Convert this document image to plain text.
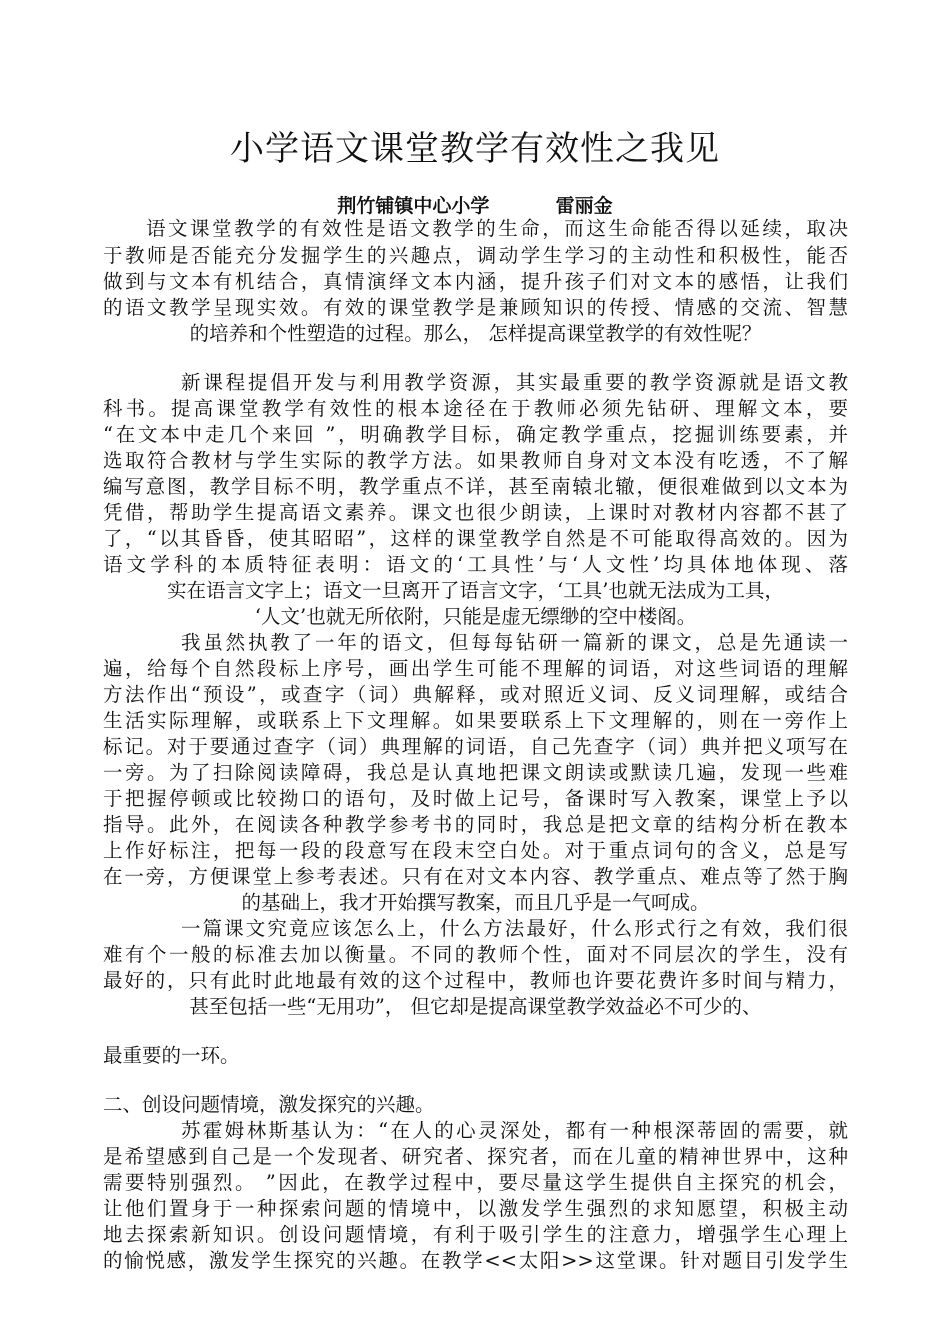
小学语文课堂教学有效性之我见
荆竹铺镇中心小学          雷丽金
语文课堂教学的有效性是语文教学的生命，而这生命能否得以延续，取决
于教师是否能充分发掘学生的兴趣点，调动学生学习的主动性和积极性，能否
做到与文本有机结合，真情演绎文本内涵，提升孩子们对文本的感悟，让我们
的语文教学呈现实效。有效的课堂教学是兼顾知识的传授、情感的交流、智慧
的培养和个性塑造的过程。那么， 怎样提高课堂教学的有效性呢？
新课程提倡开发与利用教学资源，其实最重要的教学资源就是语文教
科书。提高课堂教学有效性的根本途径在于教师必须先钻研、理解文本，要
“在文本中走几个来回 ”，明确教学目标，确定教学重点，挖掘训练要素，并
选取符合教材与学生实际的教学方法。如果教师自身对文本没有吃透，不了解
编写意图，教学目标不明，教学重点不详，甚至南辕北辙，便很难做到以文本为
凭借，帮助学生提高语文素养。课文也很少朗读，上课时对教材内容都不甚了
了，“以其昏昏，使其昭昭”，这样的课堂教学自然是不可能取得高效的。因为
语文学科的本质特征表明：语文的‘工具性’与‘人文性’均具体地体现、落
实在语言文字上；语文一旦离开了语言文字，‘工具’也就无法成为工具，
‘人文’也就无所依附，只能是虚无缥缈的空中楼阁。
我虽然执教了一年的语文，但每每钻研一篇新的课文，总是先通读一
遍，给每个自然段标上序号，画出学生可能不理解的词语，对这些词语的理解
方法作出“预设”，或查字（词）典解释，或对照近义词、反义词理解，或结合
生活实际理解，或联系上下文理解。如果要联系上下文理解的，则在一旁作上
标记。对于要通过查字（词）典理解的词语，自己先查字（词）典并把义项写在
一旁。为了扫除阅读障碍，我总是认真地把课文朗读或默读几遍，发现一些难
于把握停顿或比较拗口的语句，及时做上记号，备课时写入教案，课堂上予以
指导。此外，在阅读各种教学参考书的同时，我总是把文章的结构分析在教本
上作好标注，把每一段的段意写在段末空白处。对于重点词句的含义，总是写
在一旁，方便课堂上参考表述。只有在对文本内容、教学重点、难点等了然于胸
的基础上，我才开始撰写教案，而且几乎是一气呵成。
一篇课文究竟应该怎么上，什么方法最好，什么形式行之有效，我们很
难有个一般的标准去加以衡量。不同的教师个性，面对不同层次的学生，没有
最好的，只有此时此地最有效的这个过程中，教师也许要花费许多时间与精力，
甚至包括一些“无用功”， 但它却是提高课堂教学效益必不可少的、
最重要的一环。
二、创设问题情境，激发探究的兴趣。
苏霍姆林斯基认为：“在人的心灵深处，都有一种根深蒂固的需要，就
是希望感到自己是一个发现者、研究者、探究者，而在儿童的精神世界中，这种
需要特别强烈。 ”因此，在教学过程中，要尽量这学生提供自主探究的机会，
让他们置身于一种探索问题的情境中，以激发学生强烈的求知愿望，积极主动
地去探索新知识。创设问题情境，有利于吸引学生的注意力，增强学生心理上
的愉悦感，激发学生探究的兴趣。在教学<<太阳>>这堂课。针对题目引发学生
